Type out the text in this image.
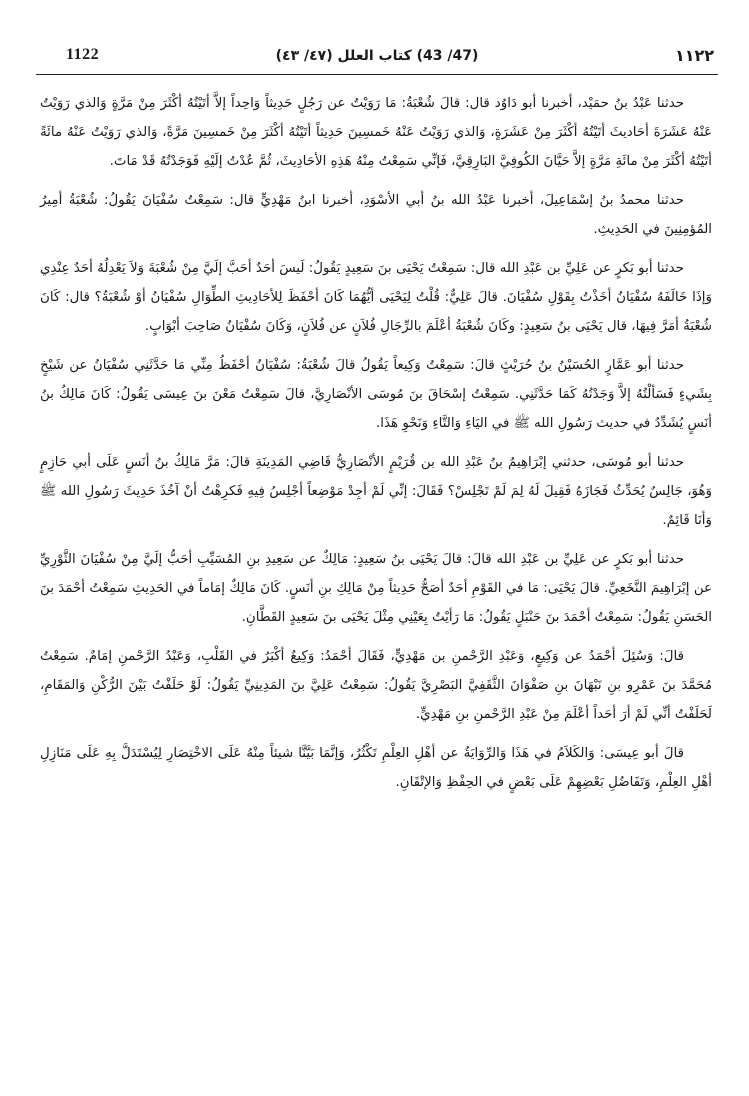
1122	(47/ 43) كتاب العلل (٤٧/ ٤٣)	١١٢٢

حدثنا عَبْدُ بنُ حمَيْد، أخبرنا أبو دَاوُد قال: قالَ شُعْبَةُ: مَا رَوَيْتُ عن رَجُلٍ حَدِيثاً وَاحِداً إلاَّ أتَيْتُهُ أكْثَرَ مِنْ مَرَّةٍ وَالذي رَوَيْتُ عَنْهُ عَشَرَةَ أحَاديثَ أتَيْتُهُ أكْثَرَ مِنْ عَشَرَةٍ، وَالذي رَوَيْتُ عَنْهُ خَمسِينَ حَدِيثاً أتَيْتُهُ أكْثَرَ مِنْ خَمسِينَ مَرَّةً، وَالذي رَوَيْتُ عَنْهُ مائَةً أتَيْتُهُ أكْثَرَ مِنْ مائَةِ مَرَّةٍ إلاَّ حَيَّانَ الكُوفِيَّ البَارِقِيَّ، فَإنِّي سَمِعْتُ مِنْهُ هَذِهِ الأحَادِيثَ، ثُمَّ عُدْتُ إلَيْهِ فَوَجَدْتُهُ قَدْ مَاتَ.

حدثنا محمدُ بنُ إسْمَاعِيلَ، أخبرنا عَبْدُ الله بنُ أبي الأسْوَدِ، أخبرنا ابنُ مَهْدِيٍّ قال: سَمِعْتُ سُفْيَانَ يَقُولُ: شُعْبَةُ أمِيرُ المُؤمِنِينَ في الحَدِيثِ.

حدثنا أبو بَكرٍ عن عَلِيِّ بن عَبْدِ الله قال: سَمِعْتُ يَحْيَى بنَ سَعِيدٍ يَقُولُ: لَيسَ أحَدٌ أحَبَّ إلَيَّ مِنْ شُعْبَةَ وَلاَ يَعْدِلُهُ أحَدٌ عِنْدِي وَإذَا خَالَفَهُ سُفْيَانُ أخَذْتُ بِقَوْلِ سُفْيَانَ. قالَ عَلِيٌّ: قُلْتُ لِيَحْيَى أيُّهُمَا كَانَ أحْفَظَ لِلأحَادِيثِ الطِّوَالِ سُفْيَانُ أوْ شُعْبَةُ؟ قال: كَانَ شُعْبَةُ أمَرَّ فِيهَا، قال يَحْيَى بنُ سَعِيدٍ: وكَانَ شُعْبَةُ أعْلَمَ بالرِّجَالِ فُلاَنٍ عن فُلاَنٍ، وَكَانَ سُفْيَانُ صَاحِبَ أبْوَابٍ.

حدثنا أبو عَمَّارٍ الحُسَيْنُ بنُ حُرَيْثٍ قالَ: سَمِعْتُ وَكِيعاً يَقُولُ قالَ شُعْبَةُ: سُفْيَانُ أحْفَظُ مِنِّي مَا حَدَّثَنِي سُفْيَانُ عن شَيْخٍ بِشَيءٍ فَسَألْتُهُ إلاَّ وَجَدْتُهُ كَمَا حَدَّثَنِي. سَمِعْتُ إسْحَاقَ بنَ مُوسَى الأنْصَارِيَّ، قالَ سَمِعْتُ مَعْنَ بنَ عِيسَى يَقُولُ: كَانَ مَالِكُ بنُ أنَسٍ يُشَدِّدُ في حديث رَسُولِ الله ﷺ في اليَاءِ وَالتَّاءِ وَنَحْوِ هَذَا.

حدثنا أبو مُوسَى، حدثني إبْرَاهِيمُ بنُ عَبْدِ الله بن قُرَيْمٍ الأنْصَارِيُّ قَاضِي المَدِينَةِ قالَ: مَرَّ مَالِكُ بنُ أنَسٍ عَلَى أبي حَازِمٍ وَهُوَ، جَالِسٌ يُحَدِّثُ فَجَازَهُ فَقِيلَ لَهُ لِمَ لَمْ تَجْلِسْ؟ فَقَالَ: إنِّي لَمْ أجِدْ مَوْضِعاً أجْلِسُ فِيهِ فَكرِهْتُ أنْ آخُذَ حَدِيثَ رَسُولِ الله ﷺ وَأنَا قَائِمٌ.

حدثنا أبو بَكرٍ عن عَلِيِّ بن عَبْدِ الله قالَ: قالَ يَحْيَى بنُ سَعِيدٍ: مَالِكٌ عن سَعِيدِ بنِ المُسَيِّبِ أحَبُّ إلَيَّ مِنْ سُفْيَانَ الثَّوْرِيِّ عن إبْرَاهِيمَ النَّخَعِيِّ. قالَ يَحْيَى: مَا في القَوْمِ أحَدٌ أصَحُّ حَدِيثاً مِنْ مَالِكِ بنِ أنَسٍ. كَانَ مَالِكٌ إمَاماً في الحَدِيثِ سَمِعْتُ أحْمَدَ بنَ الحَسَنِ يَقُولُ: سَمِعْتُ أحْمَدَ بنَ حَنْبَلٍ يَقُولُ: مَا رَأيْتُ بِعَيْنِي مِثْلَ يَحْيَى بنَ سَعِيدٍ القَطَّانِ.

قالَ: وَسُئِلَ أحْمَدُ عن وَكِيعٍ، وَعَبْدِ الرَّحْمنِ بن مَهْدِيٍّ، فَقَالَ أحْمَدُ: وَكِيعٌ أكْبَرُ في القَلْبِ، وَعَبْدُ الرَّحْمنِ إمَامٌ. سَمِعْتُ مُحَمَّدَ بنَ عَمْرِو بنِ نَبْهَانَ بنِ صَفْوَانَ الثَّقَفِيَّ البَصْرِيَّ يَقُولُ: سَمِعْتُ عَلِيَّ بنَ المَدِينِيِّ يَقُولُ: لَوْ حَلَفْتُ بَيْنَ الرُّكْنِ وَالمَقَامِ، لَحَلَفْتُ أنِّي لَمْ أرَ أحَداً أعْلَمَ مِنْ عَبْدِ الرَّحْمنِ بنِ مَهْدِيٍّ.

قالَ أبو عِيسَى: وَالكَلاَمُ في هَذَا وَالرِّوَايَةُ عن أهْلِ العِلْمِ تَكْثُرُ، وَإنَّمَا بَيَّنَّا شيئاً مِنْهُ عَلَى الاخْتِصَارِ لِيُسْتَدَلَّ بِهِ عَلَى مَنَازِلِ أهْلِ العِلْمِ، وَتَفَاضُلِ بَعْضِهِمْ عَلَى بَعْضٍ في الحِفْظِ وَالإتْقَانِ.
